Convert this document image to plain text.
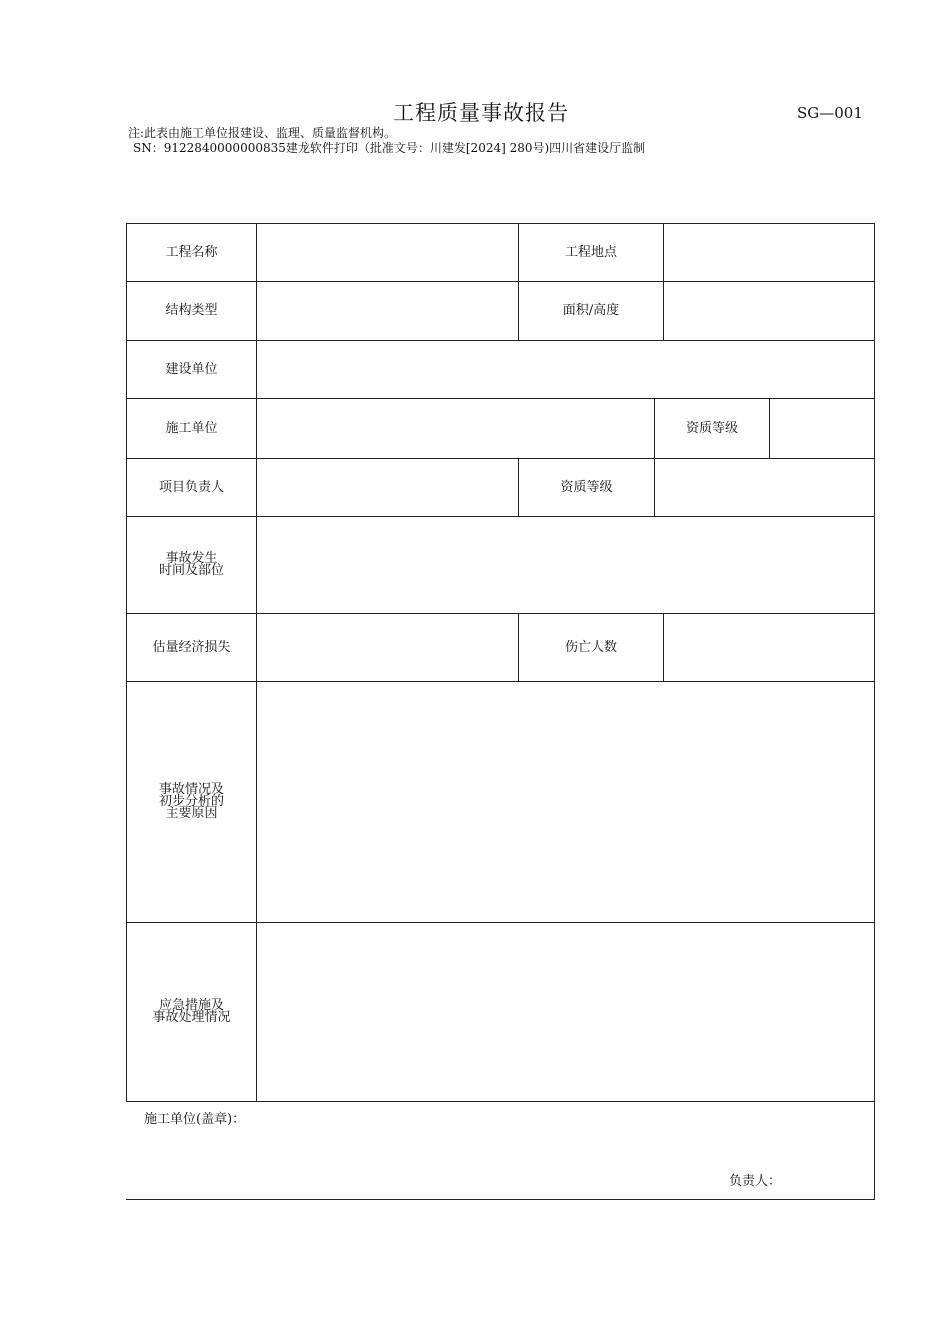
工程质量事故报告	SG—001
注:此表由施工单位报建设、监理、质量监督机构。
SN：9122840000000835建龙软件打印（批准文号：川建发[2024] 280号)四川省建设厅监制
工程名称	工程地点
结构类型	面积/高度
建设单位
施工单位	资质等级
项目负责人	资质等级
事故发生
时间及部位
估量经济损失	伤亡人数
事故情况及
初步分析的
主要原因
应急措施及
事故处理情况
施工单位(盖章)：
负责人：
